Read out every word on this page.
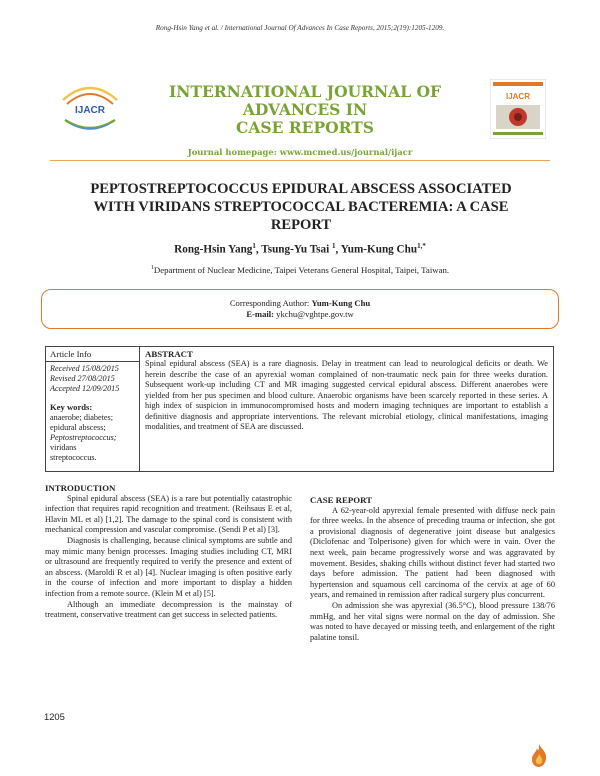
Rong-Hsin Yang et al. / International Journal Of Advances In Case Reports, 2015;2(19):1205-1209.
IJACR
INTERNATIONAL JOURNAL OF ADVANCES IN
CASE REPORTS
IJACR
Journal homepage: www.mcmed.us/journal/ijacr
PEPTOSTREPTOCOCCUS EPIDURAL ABSCESS ASSOCIATED
WITH VIRIDANS STREPTOCOCCAL BACTEREMIA: A CASE
REPORT
Rong-Hsin Yang$^1$, Tsung-Yu Tsai $^1$, Yum-Kung Chu$^{1,*}$
$^1$Department of Nuclear Medicine, Taipei Veterans General Hospital, Taipei, Taiwan.
Corresponding Author: Yum-Kung Chu
E-mail: ykchu@vghtpe.gov.tw
Article Info
Received 15/08/2015
Revised 27/08/2015
Accepted 12/09/2015
Key words:
anaerobe; diabetes;
epidural abscess;
Peptostreptococcus;
viridans
streptococcus.
ABSTRACT
Spinal epidural abscess (SEA) is a rare diagnosis. Delay in treatment can lead to neurological deficits or death. We herein describe the case of an apyrexial woman complained of non-traumatic neck pain for three weeks duration. Subsequent work-up including CT and MR imaging suggested cervical epidural abscess. Different anaerobes were yielded from her pus specimen and blood culture. Anaerobic organisms have been scarcely reported in these series. A high index of suspicion in immunocompromised hosts and modern imaging techniques are important to establish a definitive diagnosis and appropriate interventions. The relevant microbial etiology, clinical manifestations, imaging modalities, and treatment of SEA are discussed.
INTRODUCTION

Spinal epidural abscess (SEA) is a rare but potentially catastrophic infection that requires rapid recognition and treatment. (Reihsaus E et al, Hlavin ML et al) [1,2]. The damage to the spinal cord is consistent with mechanical compression and vascular compromise. (Sendi P et al) [3].

Diagnosis is challenging, because clinical symptoms are subtle and may mimic many benign processes. Imaging studies including CT, MRI or ultrasound are frequently required to verify the presence and extent of an abscess. (Maroldi R et al) [4]. Nuclear imaging is often positive early in the course of infection and more important to display a hidden infection from a remote source. (Klein M et al) [5].

Although an immediate decompression is the mainstay of treatment, conservative treatment can get success in selected patients.

CASE REPORT

A 62-year-old apyrexial female presented with diffuse neck pain for three weeks. In the absence of preceding trauma or infection, she got a provisional diagnosis of degenerative joint disease but analgesics (Diclofenac and Tolperisone) given for which were in vain. Over the next week, pain became progressively worse and was aggravated by movement. Besides, shaking chills without distinct fever had started two days before admission. The patient had been diagnosed with hypertension and squamous cell carcinoma of the cervix at age of 60 years, and remained in remission after radical surgery plus concurrent.

On admission she was apyrexial (36.5°C), blood pressure 138/76 mmHg, and her vital signs were normal on the day of admission. She was noted to have decayed or missing teeth, and enlargement of the right palatine tonsil.

1205
